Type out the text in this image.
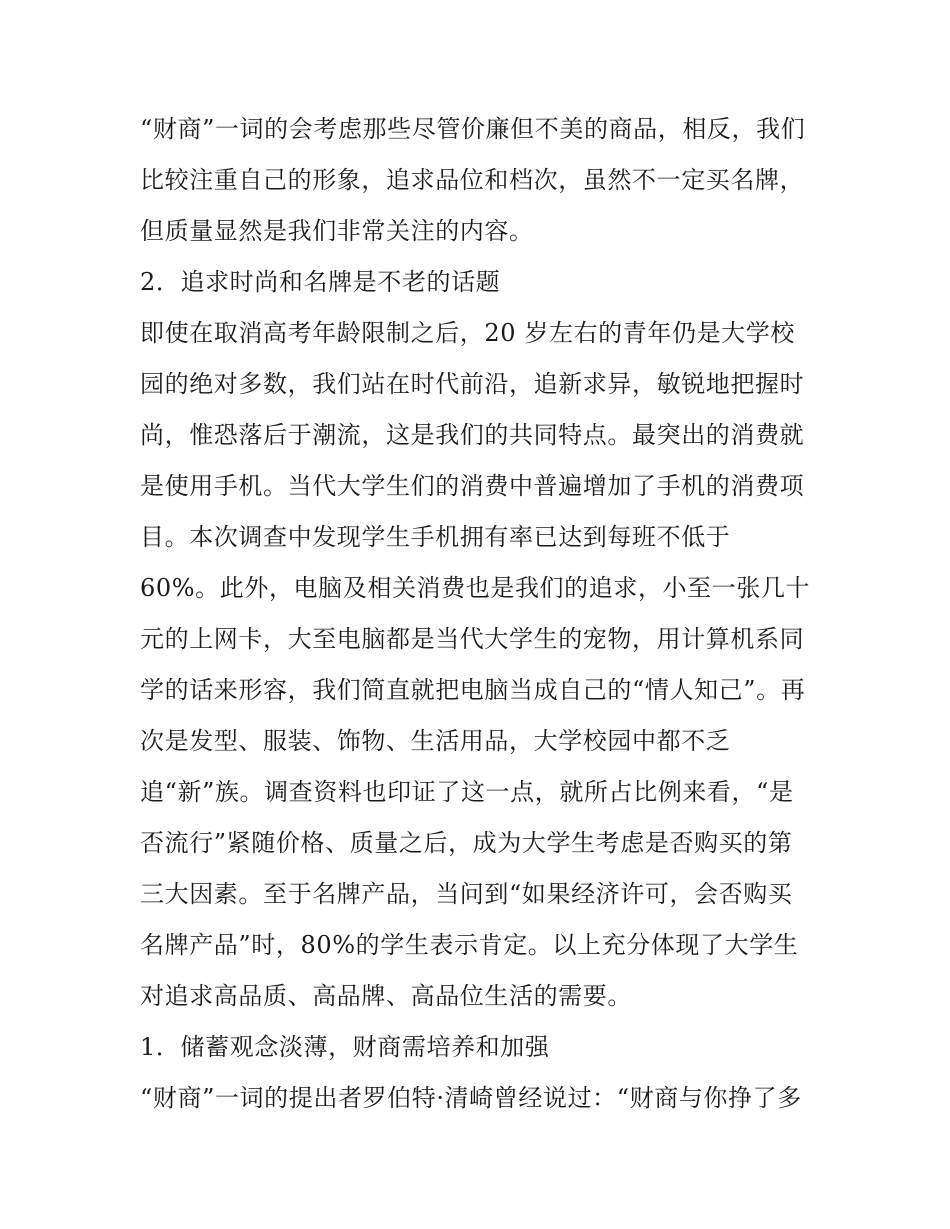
“财商”一词的会考虑那些尽管价廉但不美的商品，相反，我们
比较注重自己的形象，追求品位和档次，虽然不一定买名牌，
但质量显然是我们非常关注的内容。
2．追求时尚和名牌是不老的话题
即使在取消高考年龄限制之后，20 岁左右的青年仍是大学校
园的绝对多数，我们站在时代前沿，追新求异，敏锐地把握时
尚，惟恐落后于潮流，这是我们的共同特点。最突出的消费就
是使用手机。当代大学生们的消费中普遍增加了手机的消费项
目。本次调查中发现学生手机拥有率已达到每班不低于
60%。此外，电脑及相关消费也是我们的追求，小至一张几十
元的上网卡，大至电脑都是当代大学生的宠物，用计算机系同
学的话来形容，我们简直就把电脑当成自己的“情人知己”。再
次是发型、服装、饰物、生活用品，大学校园中都不乏
追“新”族。调查资料也印证了这一点，就所占比例来看，“是
否流行”紧随价格、质量之后，成为大学生考虑是否购买的第
三大因素。至于名牌产品，当问到“如果经济许可，会否购买
名牌产品”时，80%的学生表示肯定。以上充分体现了大学生
对追求高品质、高品牌、高品位生活的需要。
1．储蓄观念淡薄，财商需培养和加强
“财商”一词的提出者罗伯特·清崎曾经说过：“财商与你挣了多
